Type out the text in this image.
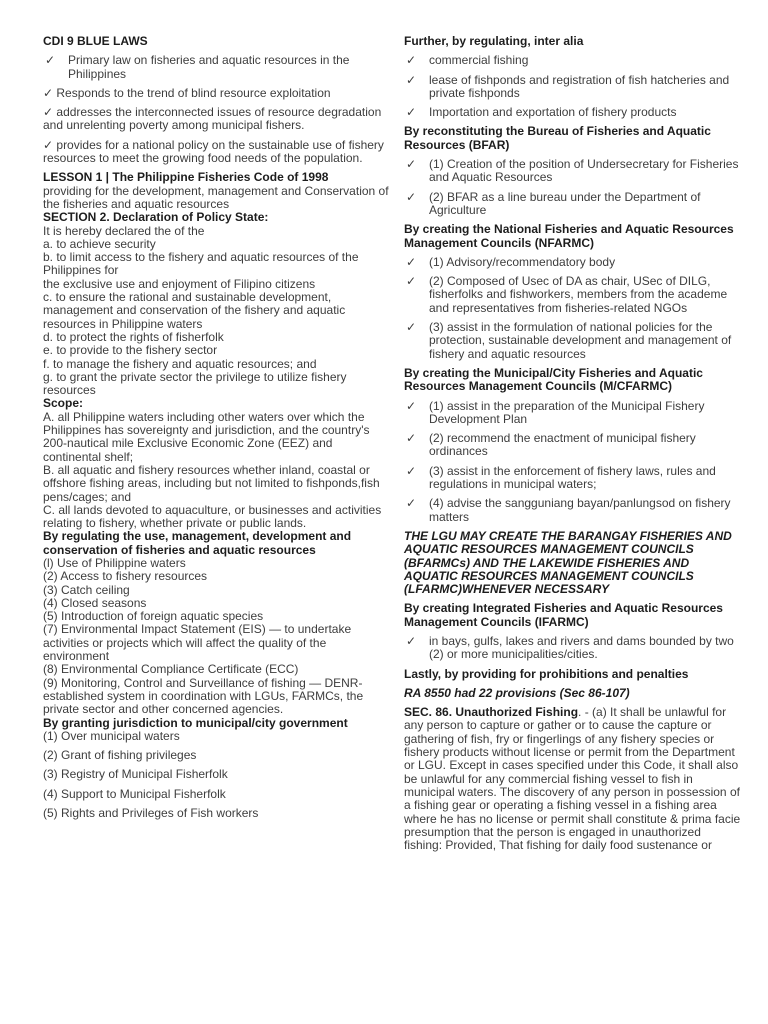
CDI 9 BLUE LAWS

✓	Primary law on fisheries and aquatic resources in the Philippines

✓ Responds to the trend of blind resource exploitation

✓ addresses the interconnected issues of resource degradation and unrelenting poverty among municipal fishers.

✓ provides for a national policy on the sustainable use of fishery resources to meet the growing food needs of the population.

LESSON 1 | The Philippine Fisheries Code of 1998

providing for the development, management and Conservation of the fisheries and aquatic resources

SECTION 2. Declaration of Policy State:

It is hereby declared the of the

a. to achieve security

b. to limit access to the fishery and aquatic resources of the Philippines for

the exclusive use and enjoyment of Filipino citizens

c. to ensure the rational and sustainable development, management and conservation of the fishery and aquatic resources in Philippine waters

d. to protect the rights of fisherfolk

e. to provide to the fishery sector

f. to manage the fishery and aquatic resources; and

g. to grant the private sector the privilege to utilize fishery resources

Scope:

A. all Philippine waters including other waters over which the Philippines has sovereignty and jurisdiction, and the country's 200-nautical mile Exclusive Economic Zone (EEZ) and continental shelf;

B. all aquatic and fishery resources whether inland, coastal or offshore fishing areas, including but not limited to fishponds,fish pens/cages; and

C. all lands devoted to aquaculture, or businesses and activities relating to fishery, whether private or public lands.

By regulating the use, management, development and conservation of fisheries and aquatic resources

(l) Use of Philippine waters

(2) Access to fishery resources

(3) Catch ceiling

(4) Closed seasons

(5) Introduction of foreign aquatic species

(7) Environmental Impact Statement (EIS) — to undertake activities or projects which will affect the quality of the environment

(8) Environmental Compliance Certificate (ECC)

(9) Monitoring, Control and Surveillance of fishing — DENR- established system in coordination with LGUs, FARMCs, the private sector and other concerned agencies.

By granting jurisdiction to municipal/city government

(1) Over municipal waters

(2) Grant of fishing privileges

(3) Registry of Municipal Fisherfolk

(4) Support to Municipal Fisherfolk

(5) Rights and Privileges of Fish workers

Further, by regulating, inter alia

✓	commercial fishing
✓	lease of fishponds and registration of fish hatcheries and private fishponds
✓	Importation and exportation of fishery products

By reconstituting the Bureau of Fisheries and Aquatic Resources (BFAR)

✓	(1) Creation of the position of Undersecretary for Fisheries and Aquatic Resources
✓	(2) BFAR as a line bureau under the Department of Agriculture

By creating the National Fisheries and Aquatic Resources Management Councils (NFARMC)

✓	(1) Advisory/recommendatory body
✓	(2) Composed of Usec of DA as chair, USec of DILG, fisherfolks and fishworkers, members from the academe and representatives from fisheries-related NGOs
✓	(3) assist in the formulation of national policies for the protection, sustainable development and management of fishery and aquatic resources

By creating the Municipal/City Fisheries and Aquatic Resources Management Councils (M/CFARMC)

✓	(1) assist in the preparation of the Municipal Fishery Development Plan
✓	(2) recommend the enactment of municipal fishery ordinances
✓	(3) assist in the enforcement of fishery laws, rules and regulations in municipal waters;
✓	(4) advise the sangguniang bayan/panlungsod on fishery matters

THE LGU MAY CREATE THE BARANGAY FISHERIES AND AQUATIC RESOURCES MANAGEMENT COUNCILS (BFARMCs) AND THE LAKEWIDE FISHERIES AND AQUATIC RESOURCES MANAGEMENT COUNCILS (LFARMC)WHENEVER NECESSARY

By creating Integrated Fisheries and Aquatic Resources Management Councils (IFARMC)

✓	in bays, gulfs, lakes and rivers and dams bounded by two (2) or more municipalities/cities.

Lastly, by providing for prohibitions and penalties

RA 8550 had 22 provisions (Sec 86-107)

SEC. 86. Unauthorized Fishing. - (a) It shall be unlawful for any person to capture or gather or to cause the capture or gathering of fish, fry or fingerlings of any fishery species or fishery products without license or permit from the Department or LGU. Except in cases specified under this Code, it shall also be unlawful for any commercial fishing vessel to fish in municipal waters. The discovery of any person in possession of a fishing gear or operating a fishing vessel in a fishing area where he has no license or permit shall constitute & prima facie presumption that the person is engaged in unauthorized fishing: Provided, That fishing for daily food sustenance or
